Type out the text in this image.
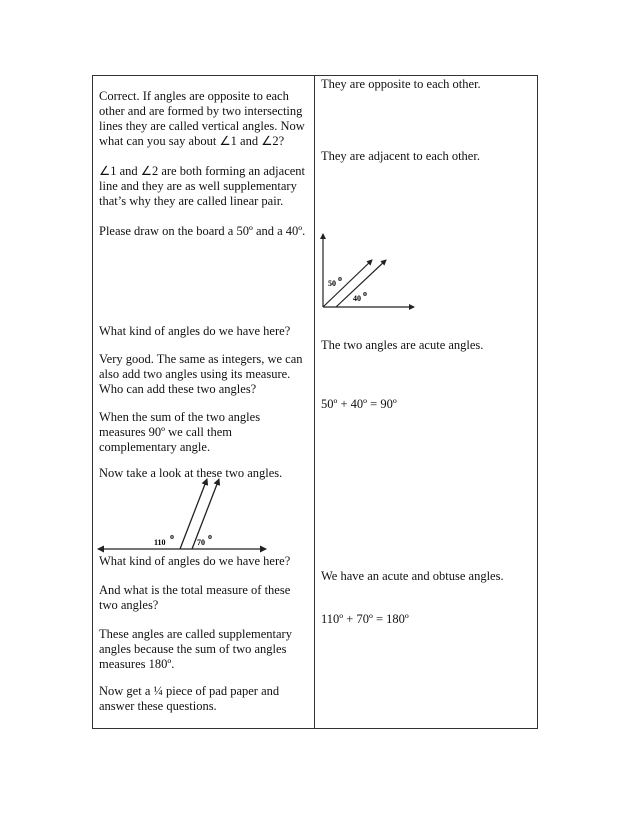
Correct. If angles are opposite to each

other and are formed by two intersecting

lines they are called vertical angles. Now

what can you say about ∠1 and ∠2?

∠1 and ∠2 are both forming an adjacent

line and they are as well supplementary

that’s why they are called linear pair.

Please draw on the board a 50º and a 40º.

What kind of angles do we have here?

Very good. The same as integers, we can

also add two angles using its measure.

Who can add these two angles?

When the sum of the two angles

measures 90º we call them

complementary angle.

Now take a look at these two angles.

110
o
70
o

What kind of angles do we have here?

And what is the total measure of these

two angles?

These angles are called supplementary

angles because the sum of two angles

measures 180º.

Now get a ¼ piece of pad paper and

answer these questions.

They are opposite to each other.

They are adjacent to each other.

50
o
40
o

The two angles are acute angles.

50º + 40º = 90º

We have an acute and obtuse angles.

110º + 70º = 180º
